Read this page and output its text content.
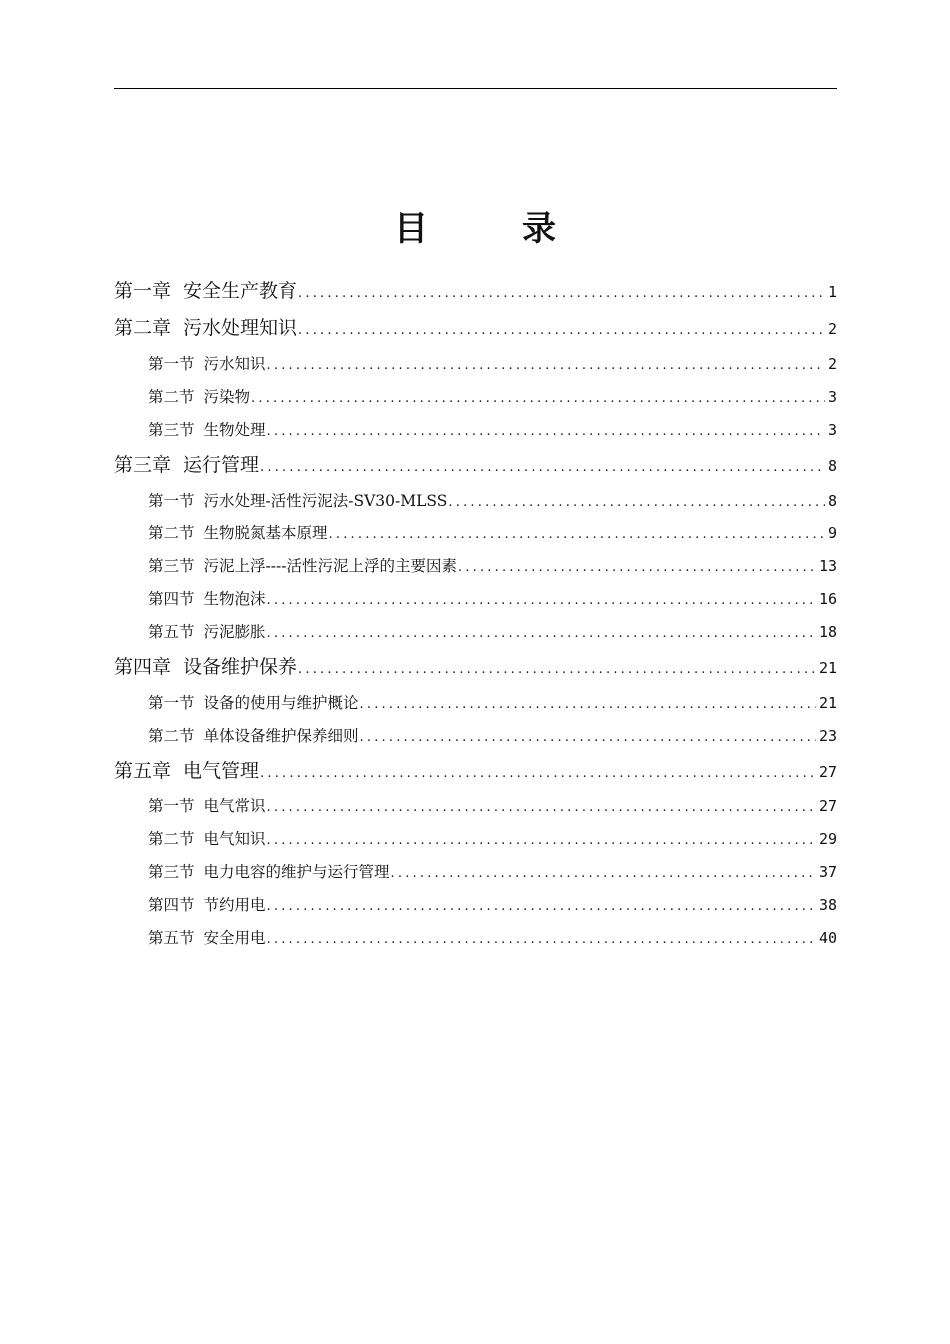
目　录
第一章 安全生产教育 .....	1
第二章 污水处理知识 .....	2
第一节 污水知识 .....	2
第二节 污染物 .....	3
第三节 生物处理 .....	3
第三章 运行管理 .....	8
第一节 污水处理-活性污泥法-SV30-MLSS .....	8
第二节 生物脱氮基本原理 .....	9
第三节 污泥上浮----活性污泥上浮的主要因素 .....	13
第四节 生物泡沫 .....	16
第五节 污泥膨胀 .....	18
第四章 设备维护保养 .....	21
第一节 设备的使用与维护概论 .....	21
第二节 单体设备维护保养细则 .....	23
第五章 电气管理 .....	27
第一节 电气常识 .....	27
第二节 电气知识 .....	29
第三节 电力电容的维护与运行管理 .....	37
第四节 节约用电 .....	38
第五节 安全用电 .....	40
